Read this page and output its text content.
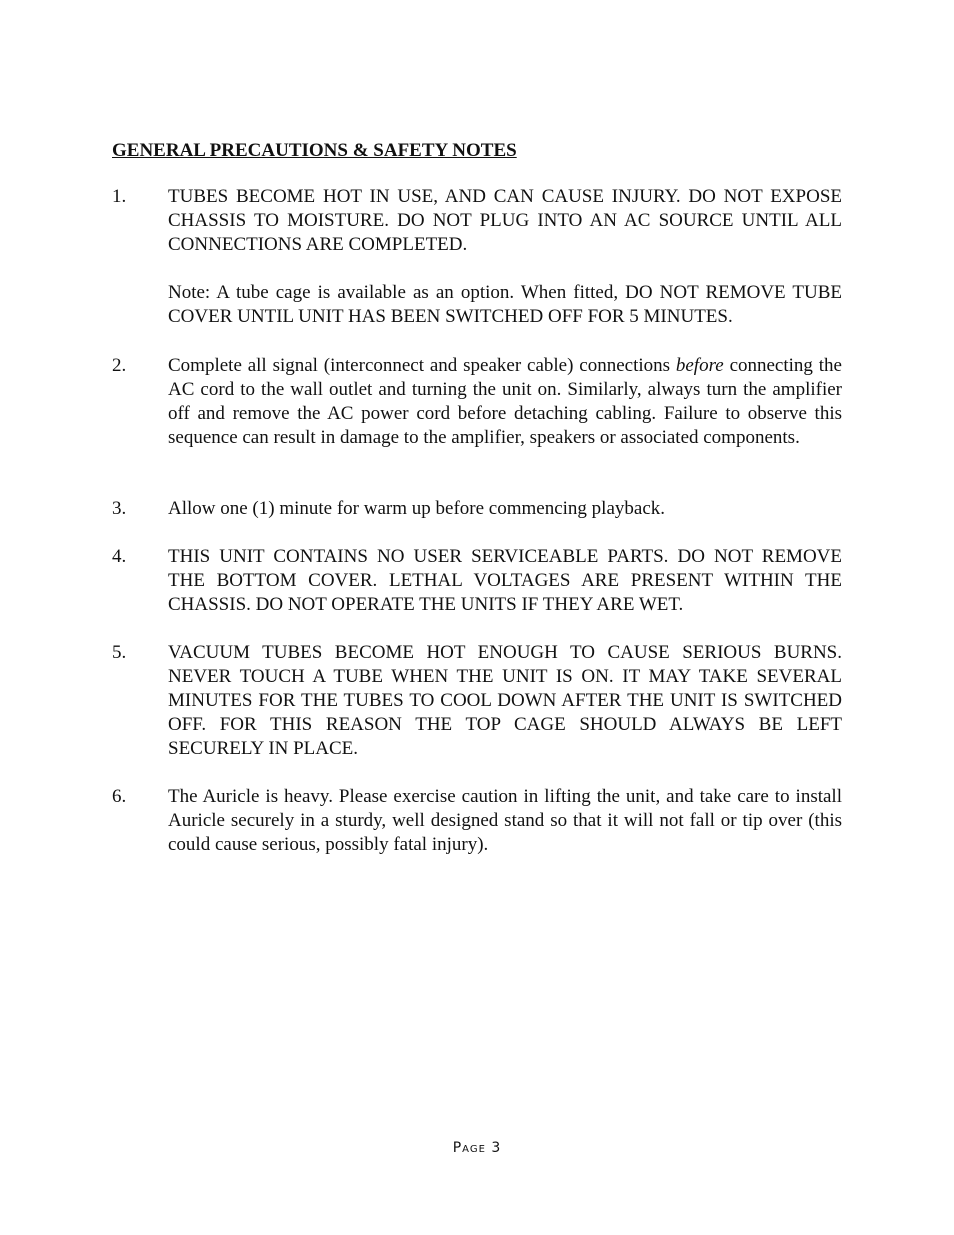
GENERAL PRECAUTIONS & SAFETY NOTES
1.	TUBES BECOME HOT IN USE, AND CAN CAUSE INJURY. DO NOT EXPOSE CHASSIS TO MOISTURE. DO NOT PLUG INTO AN AC SOURCE UNTIL ALL CONNECTIONS ARE COMPLETED.

Note: A tube cage is available as an option. When fitted, DO NOT REMOVE TUBE COVER UNTIL UNIT HAS BEEN SWITCHED OFF FOR 5 MINUTES.

2.	Complete all signal (interconnect and speaker cable) connections before connecting the AC cord to the wall outlet and turning the unit on. Similarly, always turn the amplifier off and remove the AC power cord before detaching cabling. Failure to observe this sequence can result in damage to the amplifier, speakers or associated components.

3.	Allow one (1) minute for warm up before commencing playback.

4.	THIS UNIT CONTAINS NO USER SERVICEABLE PARTS. DO NOT REMOVE THE BOTTOM COVER. LETHAL VOLTAGES ARE PRESENT WITHIN THE CHASSIS. DO NOT OPERATE THE UNITS IF THEY ARE WET.

5.	VACUUM TUBES BECOME HOT ENOUGH TO CAUSE SERIOUS BURNS. NEVER TOUCH A TUBE WHEN THE UNIT IS ON. IT MAY TAKE SEVERAL MINUTES FOR THE TUBES TO COOL DOWN AFTER THE UNIT IS SWITCHED OFF. FOR THIS REASON THE TOP CAGE SHOULD ALWAYS BE LEFT SECURELY IN PLACE.

6.	The Auricle is heavy. Please exercise caution in lifting the unit, and take care to install Auricle securely in a sturdy, well designed stand so that it will not fall or tip over (this could cause serious, possibly fatal injury).

Page 3
